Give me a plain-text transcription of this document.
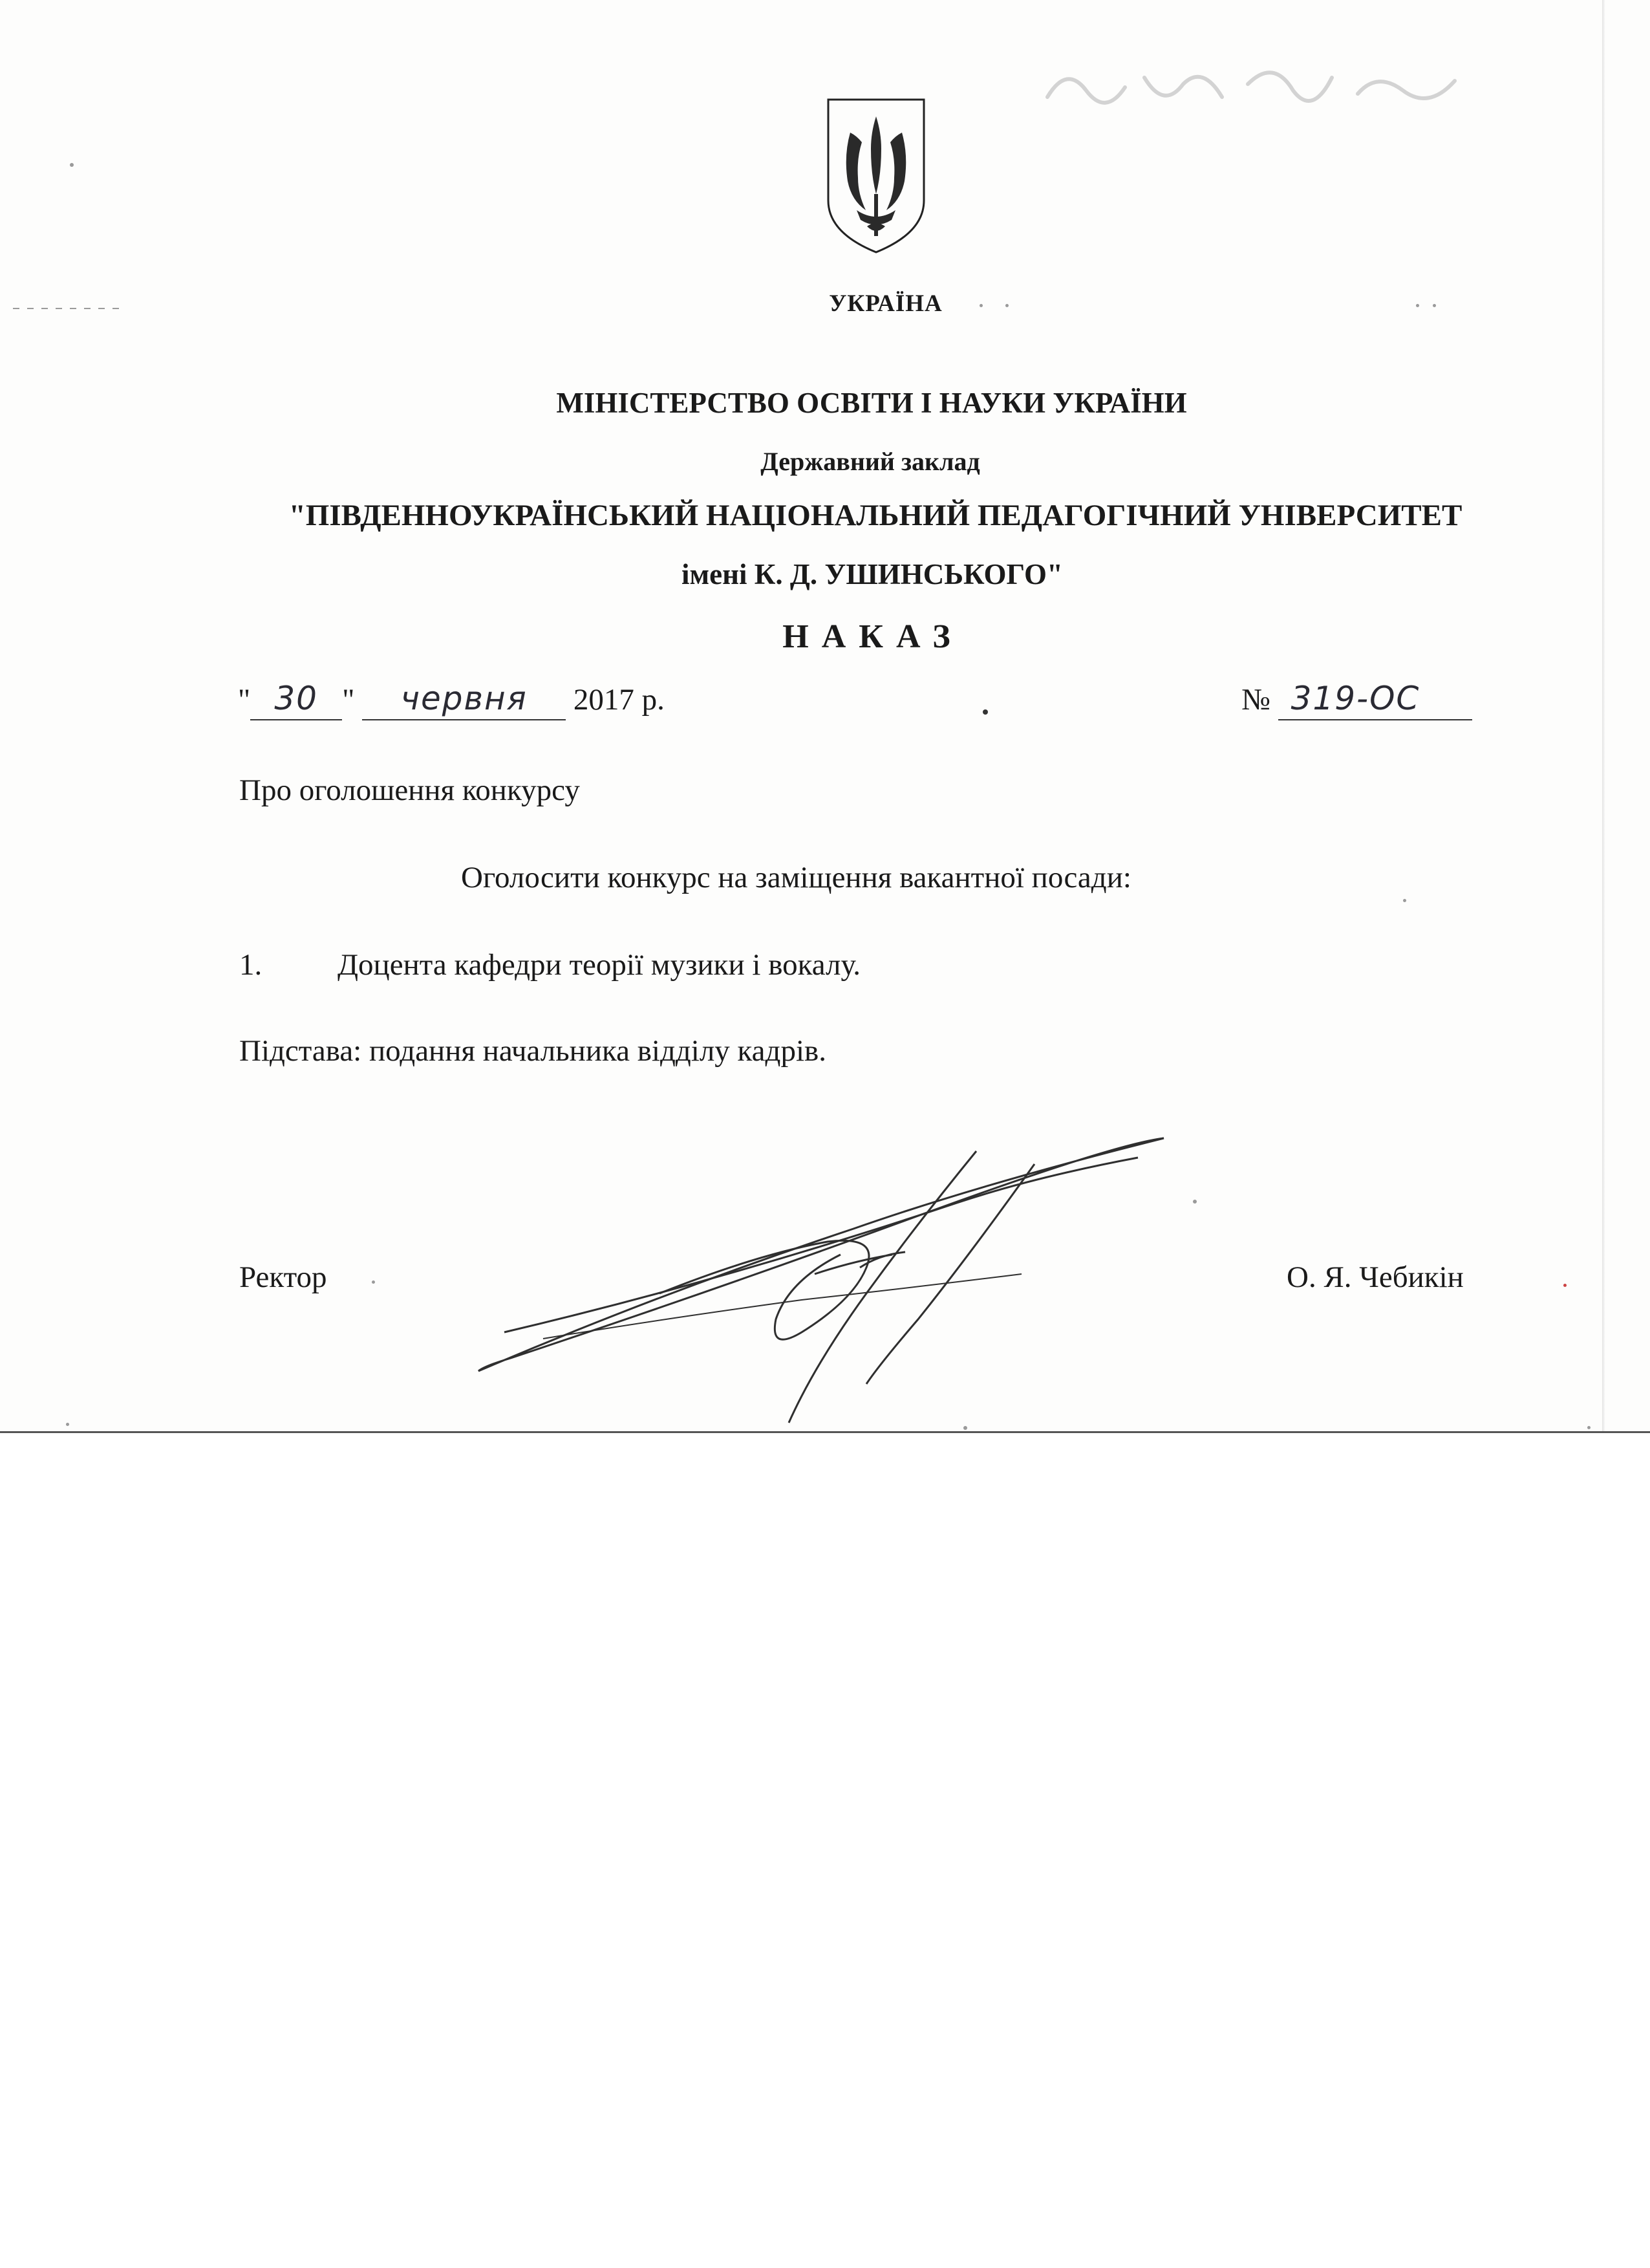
УКРАЇНА
МІНІСТЕРСТВО ОСВІТИ І НАУКИ УКРАЇНИ
Державний заклад
"ПІВДЕННОУКРАЇНСЬКИЙ НАЦІОНАЛЬНИЙ ПЕДАГОГІЧНИЙ УНІВЕРСИТЕТ
імені К. Д. УШИНСЬКОГО"
НАКАЗ
" 30 " червня 2017 р.	№ 319-ОС
Про оголошення конкурсу
Оголосити конкурс на заміщення вакантної посади:
1. Доцента кафедри теорії музики і вокалу.
Підстава: подання начальника відділу кадрів.
Ректор	О. Я. Чебикін
